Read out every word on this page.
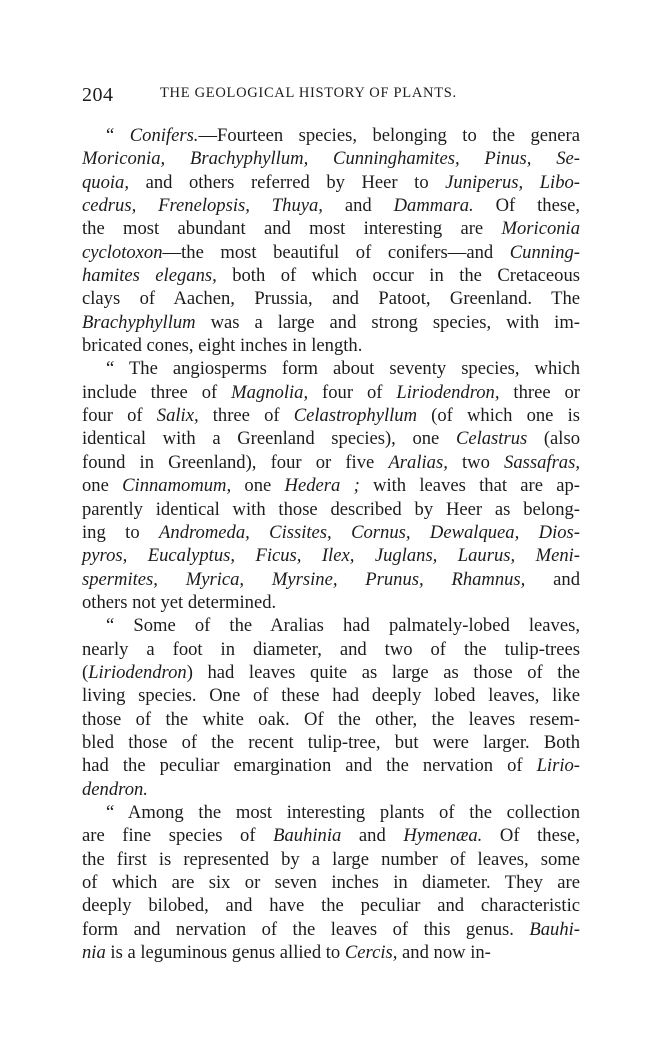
204	THE GEOLOGICAL HISTORY OF PLANTS.
“ Conifers.—Fourteen species, belonging to the genera
Moriconia, Brachyphyllum, Cunninghamites, Pinus, Se-
quoia, and others referred by Heer to Juniperus, Libo-
cedrus, Frenelopsis, Thuya, and Dammara. Of these,
the most abundant and most interesting are Moriconia
cyclotoxon—the most beautiful of conifers—and Cunning-
hamites elegans, both of which occur in the Cretaceous
clays of Aachen, Prussia, and Patoot, Greenland. The
Brachyphyllum was a large and strong species, with im-
bricated cones, eight inches in length.
“ The angiosperms form about seventy species, which
include three of Magnolia, four of Liriodendron, three or
four of Salix, three of Celastrophyllum (of which one is
identical with a Greenland species), one Celastrus (also
found in Greenland), four or five Aralias, two Sassafras,
one Cinnamomum, one Hedera ; with leaves that are ap-
parently identical with those described by Heer as belong-
ing to Andromeda, Cissites, Cornus, Dewalquea, Dios-
pyros, Eucalyptus, Ficus, Ilex, Juglans, Laurus, Meni-
spermites, Myrica, Myrsine, Prunus, Rhamnus, and
others not yet determined.
“ Some of the Aralias had palmately-lobed leaves,
nearly a foot in diameter, and two of the tulip-trees
(Liriodendron) had leaves quite as large as those of the
living species. One of these had deeply lobed leaves, like
those of the white oak. Of the other, the leaves resem-
bled those of the recent tulip-tree, but were larger. Both
had the peculiar emargination and the nervation of Lirio-
dendron.
“ Among the most interesting plants of the collection
are fine species of Bauhinia and Hymenæa. Of these,
the first is represented by a large number of leaves, some
of which are six or seven inches in diameter. They are
deeply bilobed, and have the peculiar and characteristic
form and nervation of the leaves of this genus. Bauhi-
nia is a leguminous genus allied to Cercis, and now in-
